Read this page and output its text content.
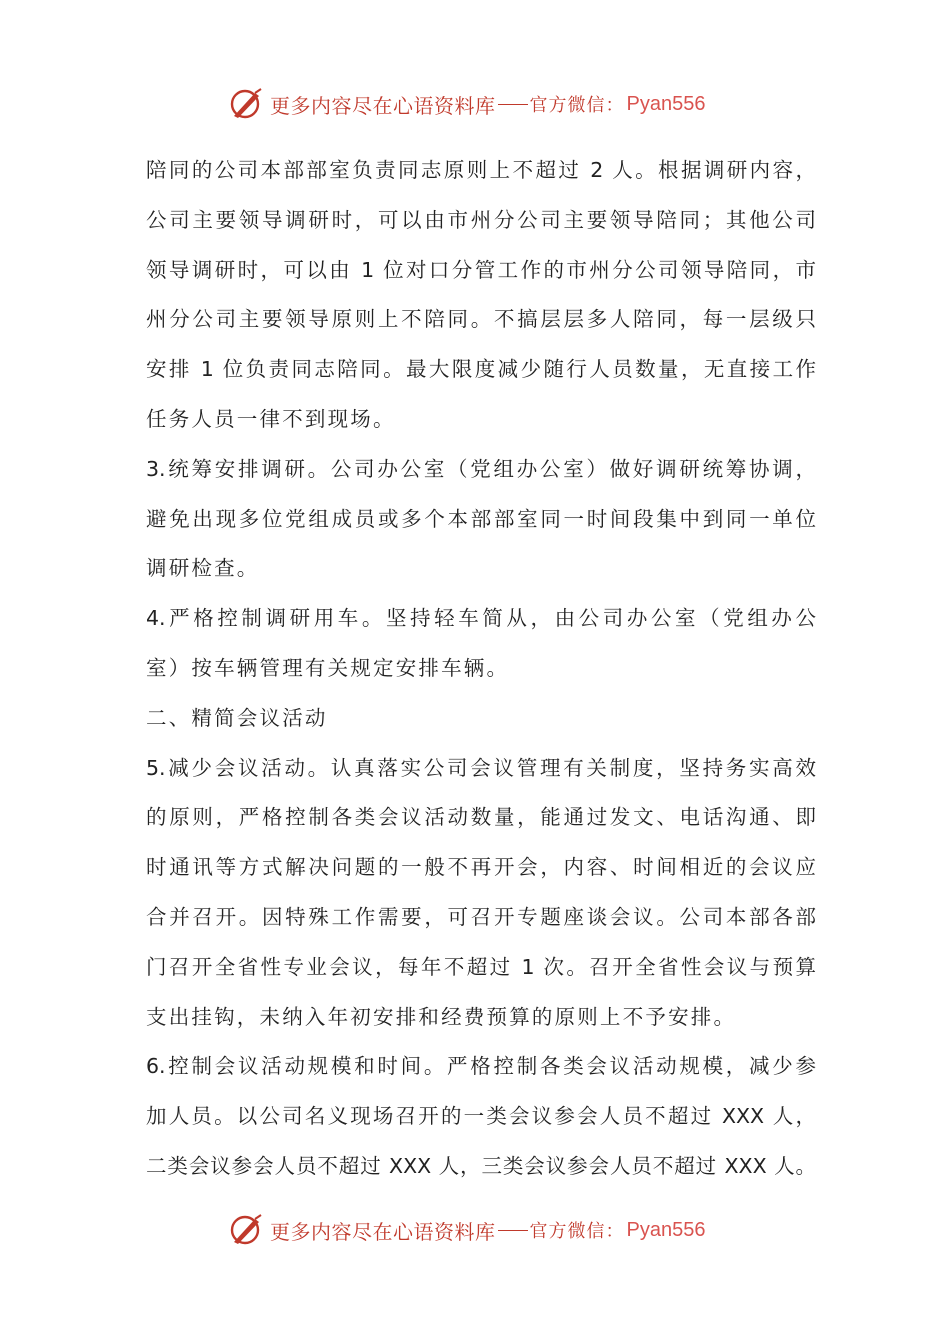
更多内容尽在心语资料库 官方微信： Pyan556
陪同的公司本部部室负责同志原则上不超过 2 人。根据调研内容，
公司主要领导调研时，可以由市州分公司主要领导陪同；其他公司
领导调研时，可以由 1 位对口分管工作的市州分公司领导陪同，市
州分公司主要领导原则上不陪同。不搞层层多人陪同，每一层级只
安排 1 位负责同志陪同。最大限度减少随行人员数量，无直接工作
任务人员一律不到现场。
3.统筹安排调研。公司办公室（党组办公室）做好调研统筹协调，
避免出现多位党组成员或多个本部部室同一时间段集中到同一单位
调研检查。
4.严格控制调研用车。坚持轻车简从，由公司办公室（党组办公
室）按车辆管理有关规定安排车辆。
二、精简会议活动
5.减少会议活动。认真落实公司会议管理有关制度，坚持务实高效
的原则，严格控制各类会议活动数量，能通过发文、电话沟通、即
时通讯等方式解决问题的一般不再开会，内容、时间相近的会议应
合并召开。因特殊工作需要，可召开专题座谈会议。公司本部各部
门召开全省性专业会议，每年不超过 1 次。召开全省性会议与预算
支出挂钩，未纳入年初安排和经费预算的原则上不予安排。
6.控制会议活动规模和时间。严格控制各类会议活动规模，减少参
加人员。以公司名义现场召开的一类会议参会人员不超过 XXX 人，
二类会议参会人员不超过 XXX 人，三类会议参会人员不超过 XXX 人。
更多内容尽在心语资料库 官方微信： Pyan556
